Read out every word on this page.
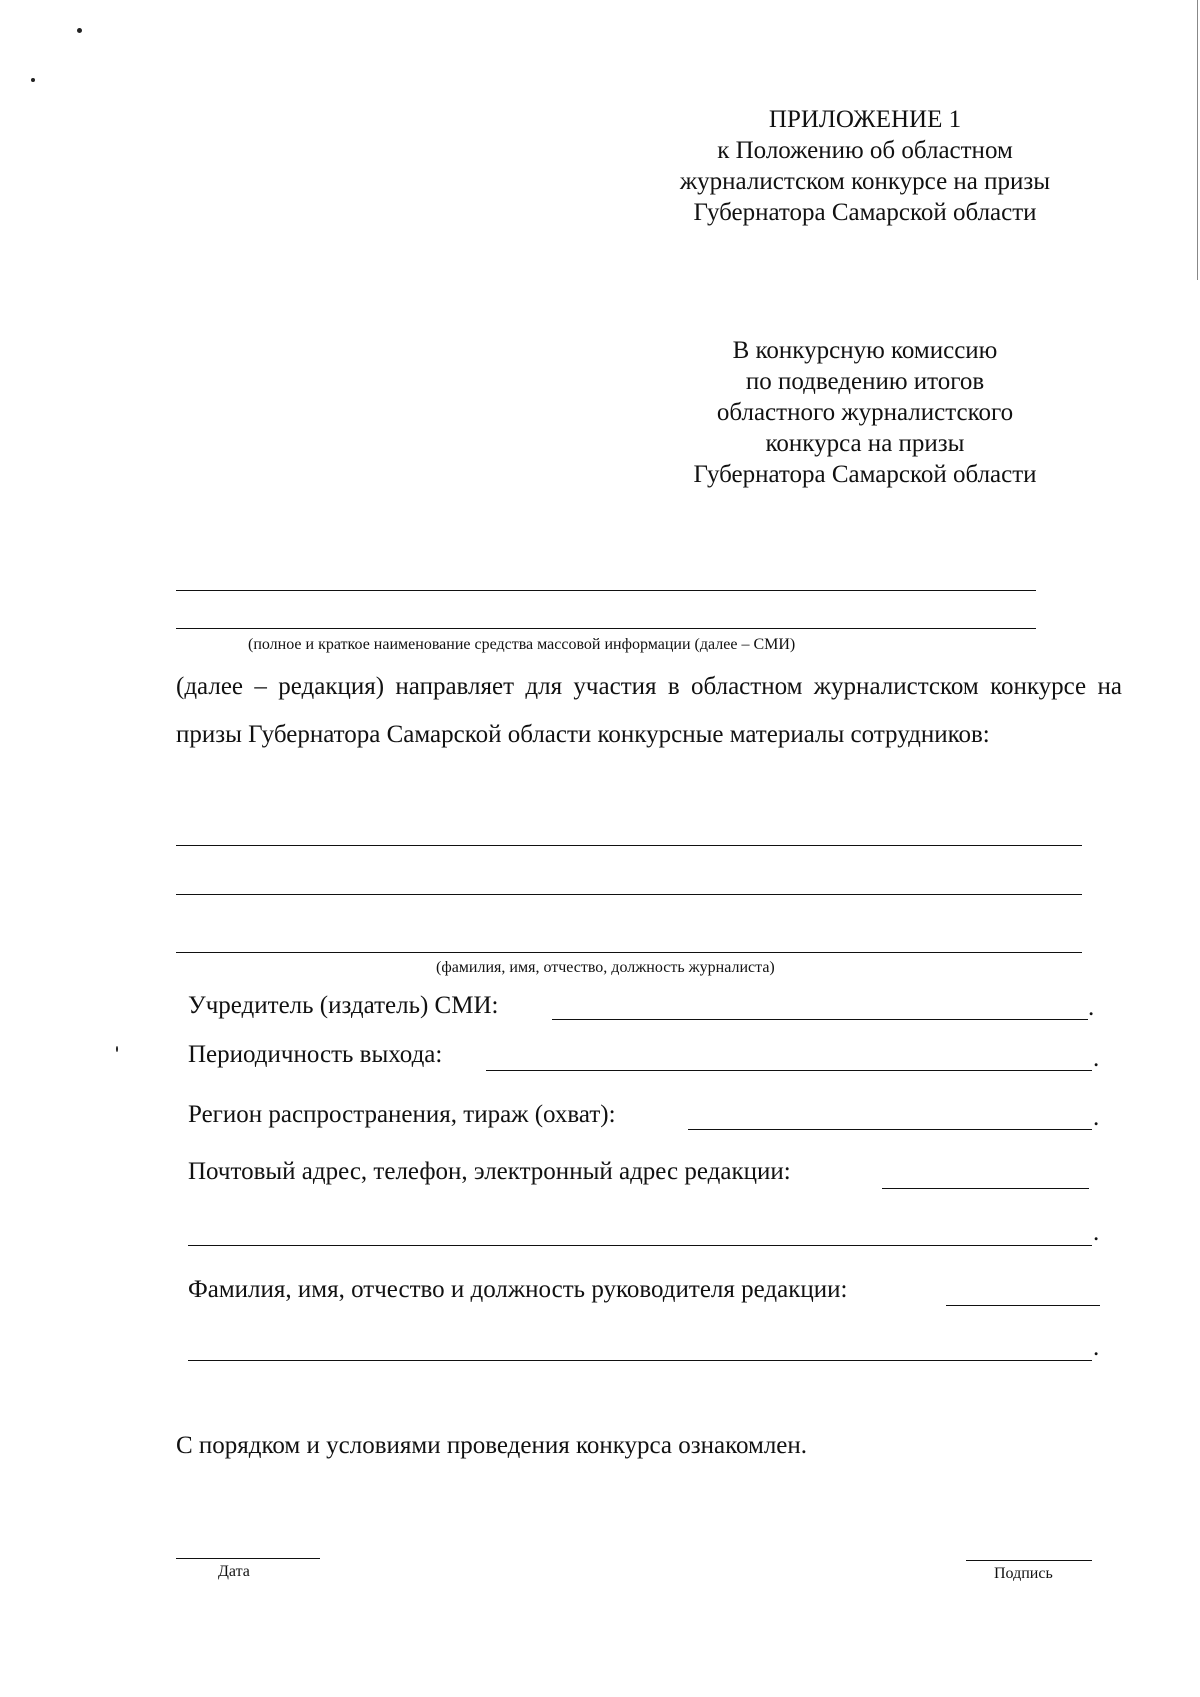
ПРИЛОЖЕНИЕ 1
к Положению об областном
журналистском конкурсе на призы
Губернатора Самарской области
В конкурсную комиссию
по подведению итогов
областного журналистского
конкурса на призы
Губернатора Самарской области
(полное и краткое наименование средства массовой информации (далее – СМИ)
(далее – редакция) направляет для участия в областном журналистском конкурсе на призы Губернатора Самарской области конкурсные материалы сотрудников:
(фамилия, имя, отчество, должность журналиста)
Учредитель (издатель) СМИ:	.
Периодичность выхода:	.
Регион распространения, тираж (охват):	.
Почтовый адрес, телефон, электронный адрес редакции:
.
Фамилия, имя, отчество и должность руководителя редакции:
.
С порядком и условиями проведения конкурса ознакомлен.
Дата	Подпись
